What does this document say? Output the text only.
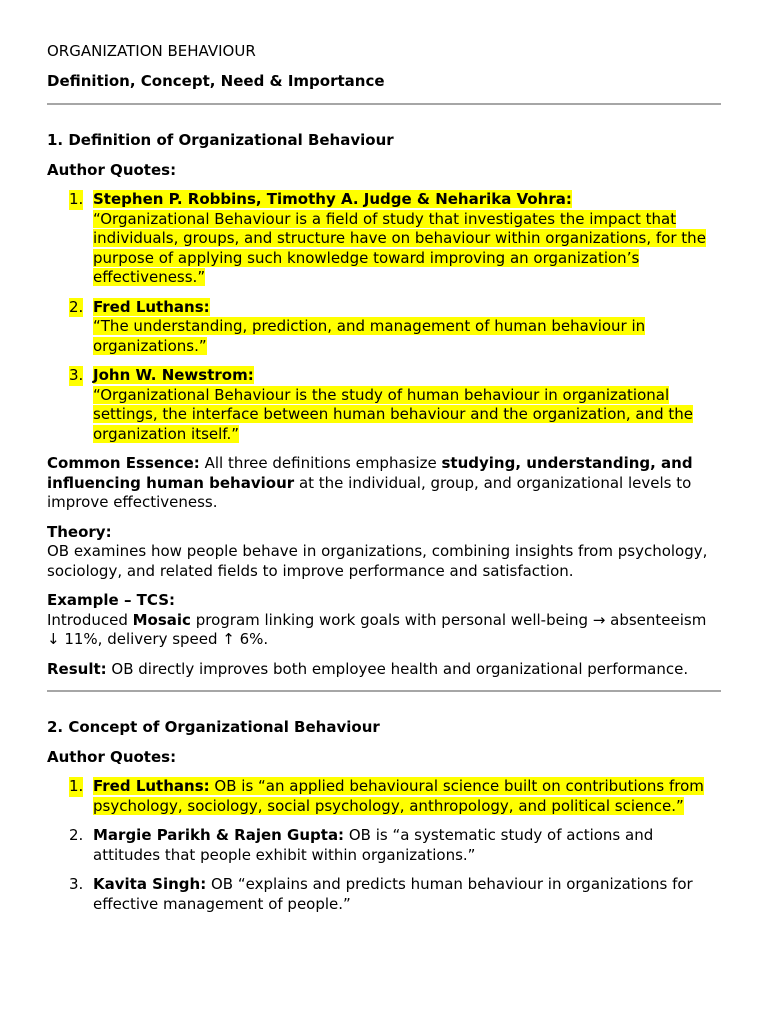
ORGANIZATION BEHAVIOUR

Definition, Concept, Need & Importance

1. Definition of Organizational Behaviour

Author Quotes:

1. Stephen P. Robbins, Timothy A. Judge & Neharika Vohra:
“Organizational Behaviour is a field of study that investigates the impact that individuals, groups, and structure have on behaviour within organizations, for the purpose of applying such knowledge toward improving an organization’s effectiveness.”
2. Fred Luthans:
“The understanding, prediction, and management of human behaviour in organizations.”
3. John W. Newstrom:
“Organizational Behaviour is the study of human behaviour in organizational settings, the interface between human behaviour and the organization, and the organization itself.”

Common Essence: All three definitions emphasize studying, understanding, and influencing human behaviour at the individual, group, and organizational levels to improve effectiveness.

Theory:

OB examines how people behave in organizations, combining insights from psychology, sociology, and related fields to improve performance and satisfaction.

Example – TCS:

Introduced Mosaic program linking work goals with personal well-being → absenteeism ↓ 11%, delivery speed ↑ 6%.

Result: OB directly improves both employee health and organizational performance.

2. Concept of Organizational Behaviour

Author Quotes:

1. Fred Luthans: OB is “an applied behavioural science built on contributions from psychology, sociology, social psychology, anthropology, and political science.”
2. Margie Parikh & Rajen Gupta: OB is “a systematic study of actions and attitudes that people exhibit within organizations.”
3. Kavita Singh: OB “explains and predicts human behaviour in organizations for effective management of people.”
